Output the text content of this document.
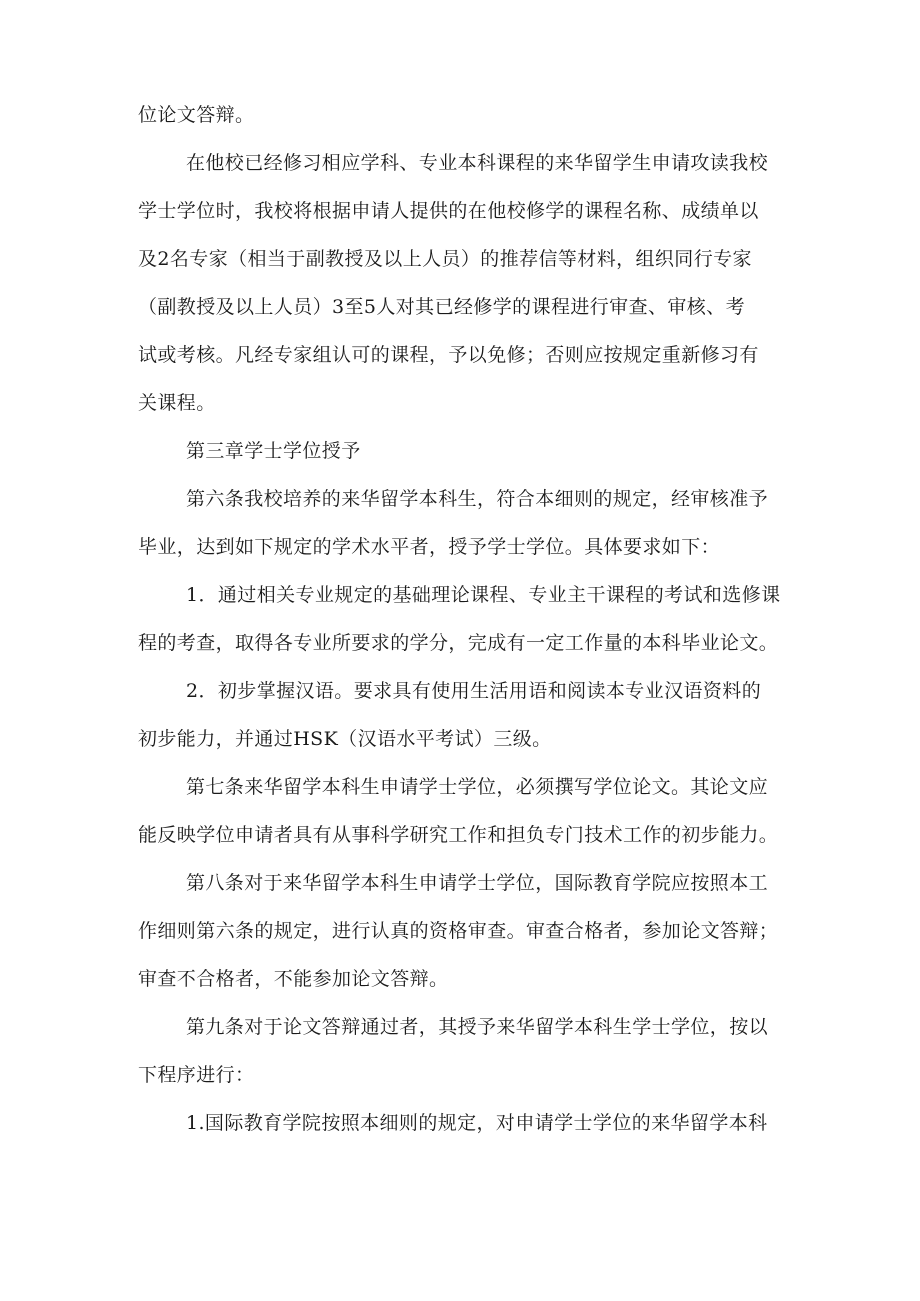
位论文答辩。
在他校已经修习相应学科、专业本科课程的来华留学生申请攻读我校
学士学位时，我校将根据申请人提供的在他校修学的课程名称、成绩单以
及2名专家（相当于副教授及以上人员）的推荐信等材料，组织同行专家
（副教授及以上人员）3至5人对其已经修学的课程进行审查、审核、考
试或考核。凡经专家组认可的课程，予以免修；否则应按规定重新修习有
关课程。
第三章学士学位授予
第六条我校培养的来华留学本科生，符合本细则的规定，经审核准予
毕业，达到如下规定的学术水平者，授予学士学位。具体要求如下：
1．通过相关专业规定的基础理论课程、专业主干课程的考试和选修课
程的考查，取得各专业所要求的学分，完成有一定工作量的本科毕业论文。
2．初步掌握汉语。要求具有使用生活用语和阅读本专业汉语资料的
初步能力，并通过HSK（汉语水平考试）三级。
第七条来华留学本科生申请学士学位，必须撰写学位论文。其论文应
能反映学位申请者具有从事科学研究工作和担负专门技术工作的初步能力。
第八条对于来华留学本科生申请学士学位，国际教育学院应按照本工
作细则第六条的规定，进行认真的资格审查。审查合格者，参加论文答辩；
审查不合格者，不能参加论文答辩。
第九条对于论文答辩通过者，其授予来华留学本科生学士学位，按以
下程序进行：
1.国际教育学院按照本细则的规定，对申请学士学位的来华留学本科
